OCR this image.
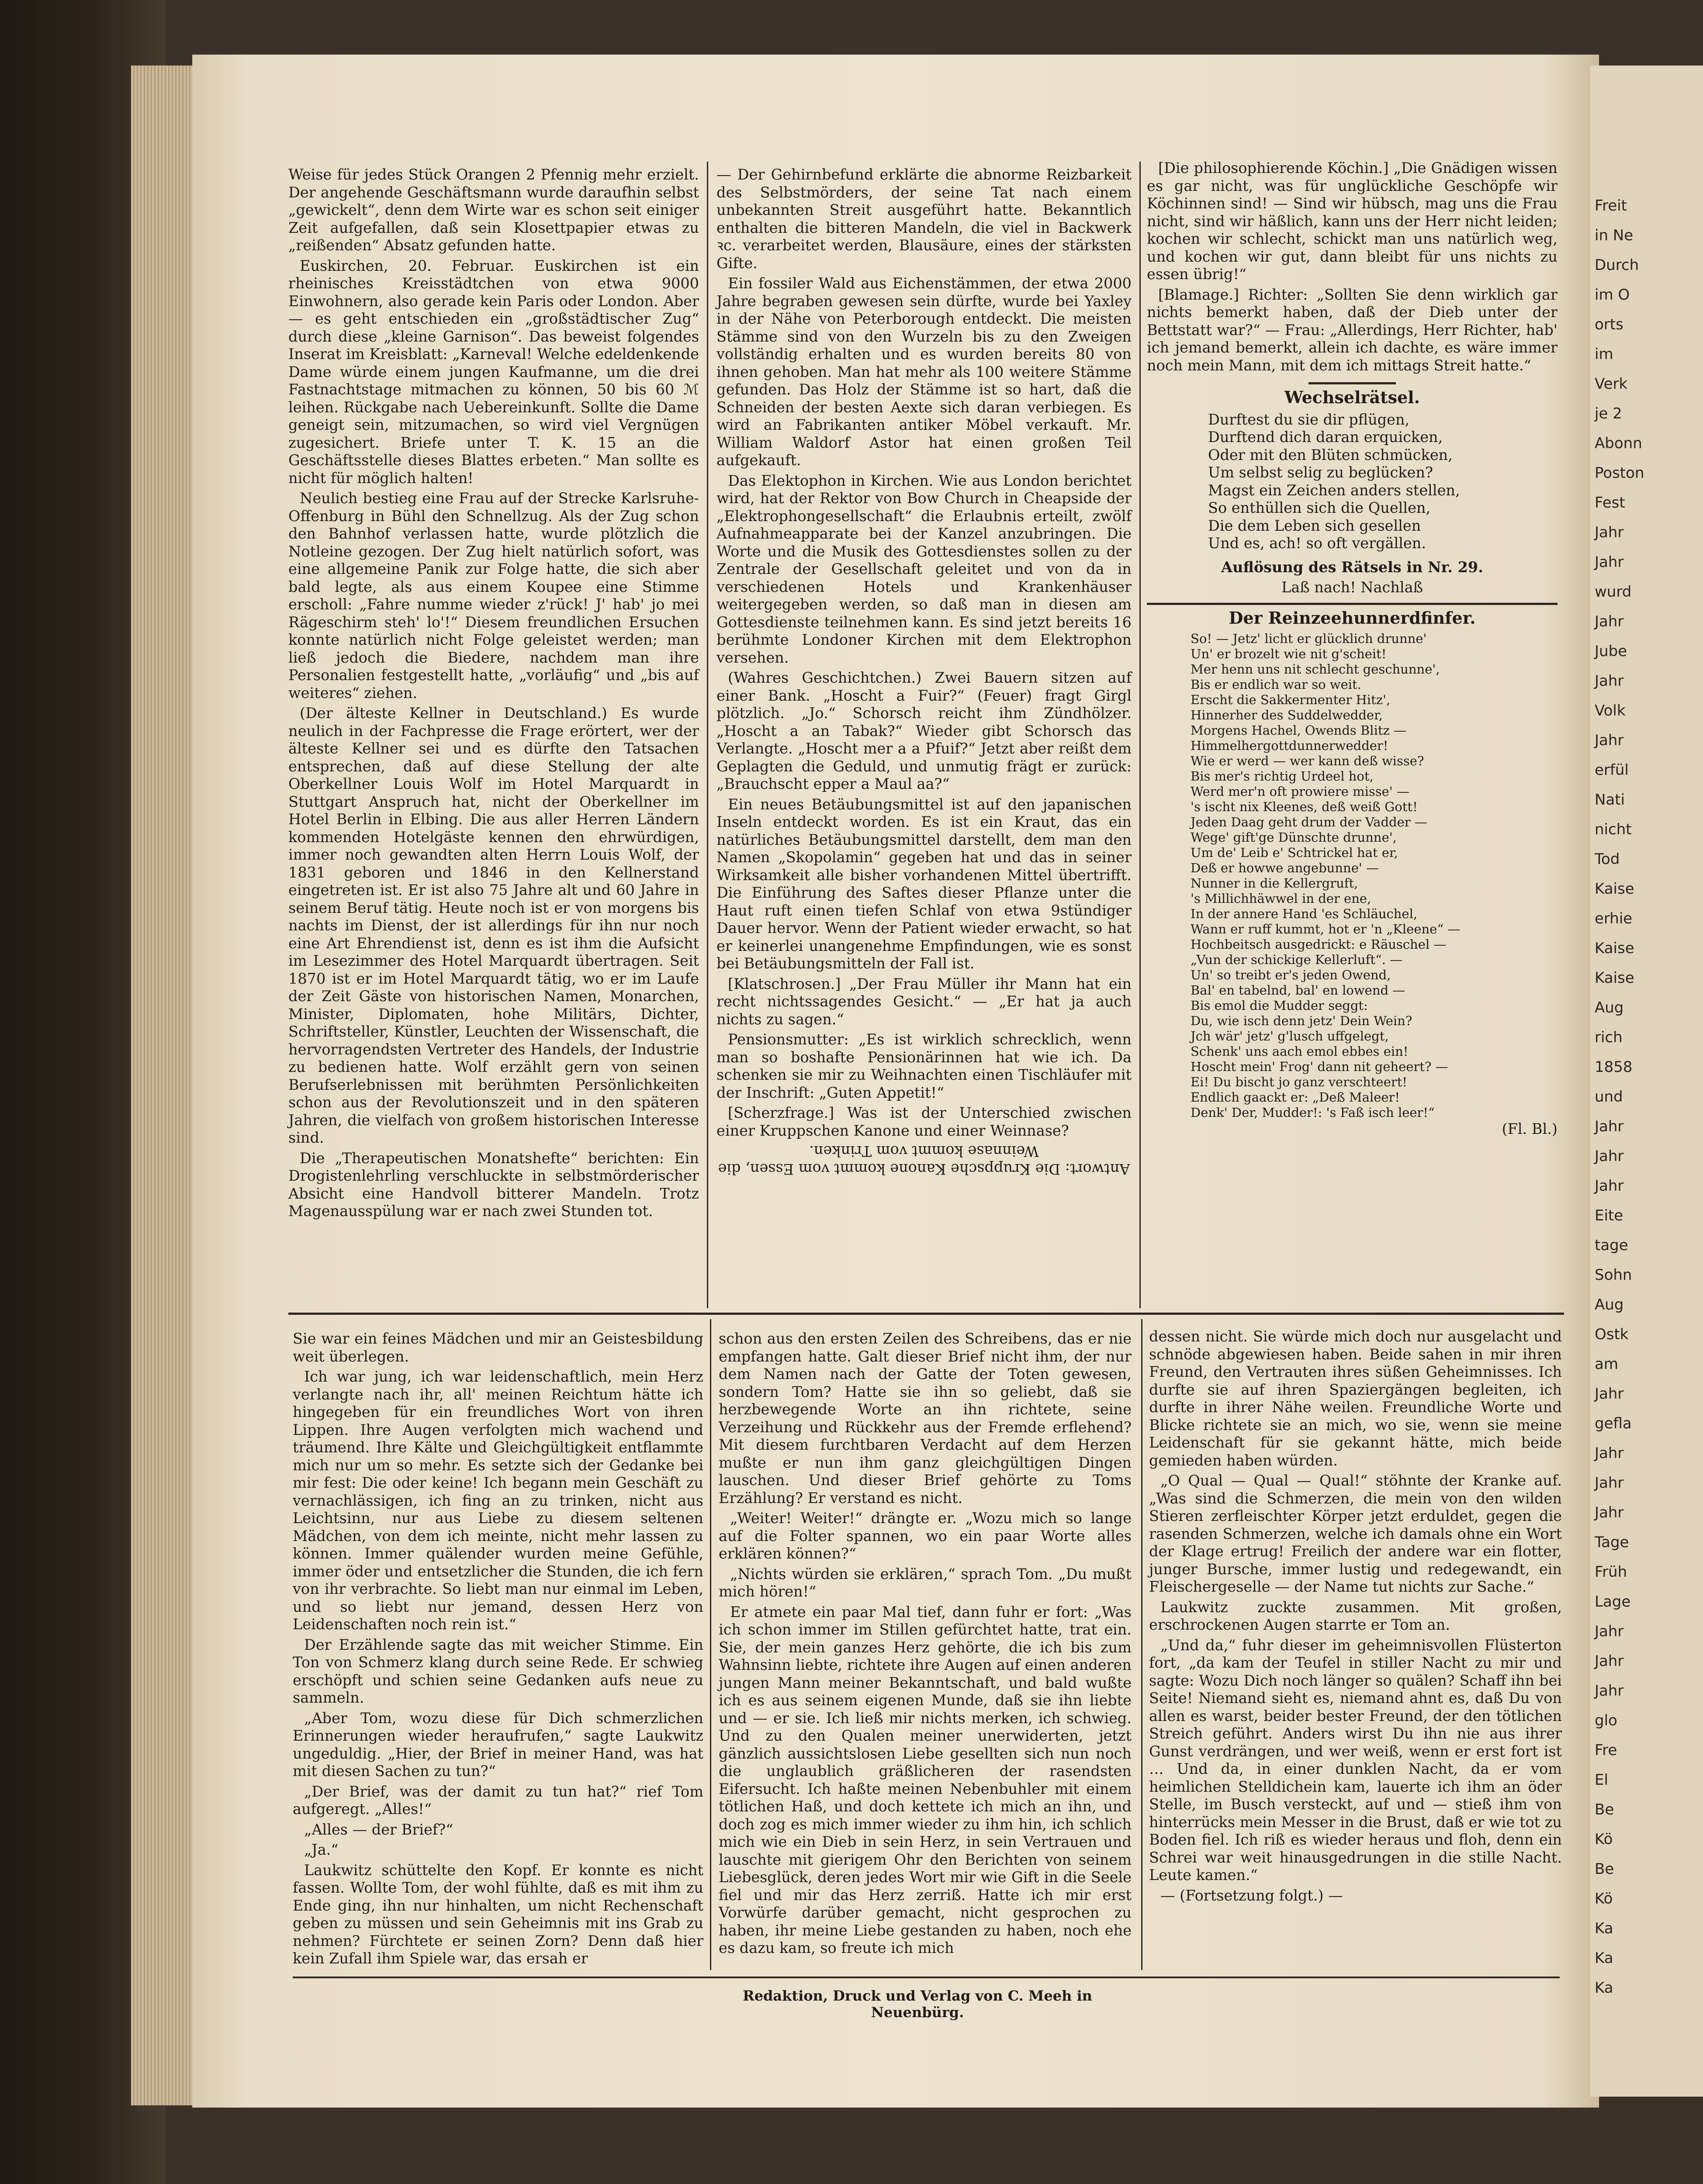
Freit
in Ne
Durch
im O
orts
im
Verk
je 2
Abonn
Poston
Fest
Jahr
Jahr
wurd
Jahr
Jube
Jahr
Volk
Jahr
erfül
Nati
nicht
Tod
Kaise
erhie
Kaise
Kaise
Aug
rich
1858
und
Jahr
Jahr
Jahr
Eite
tage
Sohn
Aug
Ostk
am
Jahr
gefla
Jahr
Jahr
Jahr
Tage
Früh
Lage
Jahr
Jahr
Jahr
glo
Fre
El
Be
Kö
Be
Kö
Ka
Ka
Ka

Weise für jedes Stück Orangen 2 Pfennig mehr erzielt. Der angehende Geschäftsmann wurde daraufhin selbst „gewickelt“, denn dem Wirte war es schon seit einiger Zeit aufgefallen, daß sein Klosettpapier etwas zu „reißenden“ Absatz gefunden hatte.

Euskirchen, 20. Februar. Euskirchen ist ein rheinisches Kreisstädtchen von etwa 9000 Einwohnern, also gerade kein Paris oder London. Aber — es geht entschieden ein „großstädtischer Zug“ durch diese „kleine Garnison“. Das beweist folgendes Inserat im Kreisblatt: „Karneval! Welche edeldenkende Dame würde einem jungen Kaufmanne, um die drei Fastnachtstage mitmachen zu können, 50 bis 60 ℳ leihen. Rückgabe nach Uebereinkunft. Sollte die Dame geneigt sein, mitzumachen, so wird viel Vergnügen zugesichert. Briefe unter T. K. 15 an die Geschäftsstelle dieses Blattes erbeten.“ Man sollte es nicht für möglich halten!

Neulich bestieg eine Frau auf der Strecke Karlsruhe-Offenburg in Bühl den Schnellzug. Als der Zug schon den Bahnhof verlassen hatte, wurde plötzlich die Notleine gezogen. Der Zug hielt natürlich sofort, was eine allgemeine Panik zur Folge hatte, die sich aber bald legte, als aus einem Koupee eine Stimme erscholl: „Fahre numme wieder z'rück! J' hab' jo mei Rägeschirm steh' lo'!“ Diesem freundlichen Ersuchen konnte natürlich nicht Folge geleistet werden; man ließ jedoch die Biedere, nachdem man ihre Personalien festgestellt hatte, „vorläufig“ und „bis auf weiteres“ ziehen.

(Der älteste Kellner in Deutschland.) Es wurde neulich in der Fachpresse die Frage erörtert, wer der älteste Kellner sei und es dürfte den Tatsachen entsprechen, daß auf diese Stellung der alte Oberkellner Louis Wolf im Hotel Marquardt in Stuttgart Anspruch hat, nicht der Oberkellner im Hotel Berlin in Elbing. Die aus aller Herren Ländern kommenden Hotelgäste kennen den ehrwürdigen, immer noch gewandten alten Herrn Louis Wolf, der 1831 geboren und 1846 in den Kellnerstand eingetreten ist. Er ist also 75 Jahre alt und 60 Jahre in seinem Beruf tätig. Heute noch ist er von morgens bis nachts im Dienst, der ist allerdings für ihn nur noch eine Art Ehrendienst ist, denn es ist ihm die Aufsicht im Lesezimmer des Hotel Marquardt übertragen. Seit 1870 ist er im Hotel Marquardt tätig, wo er im Laufe der Zeit Gäste von historischen Namen, Monarchen, Minister, Diplomaten, hohe Militärs, Dichter, Schriftsteller, Künstler, Leuchten der Wissenschaft, die hervorragendsten Vertreter des Handels, der Industrie zu bedienen hatte. Wolf erzählt gern von seinen Berufserlebnissen mit berühmten Persönlichkeiten schon aus der Revolutionszeit und in den späteren Jahren, die vielfach von großem historischen Interesse sind.

Die „Therapeutischen Monatshefte“ berichten: Ein Drogistenlehrling verschluckte in selbstmörderischer Absicht eine Handvoll bitterer Mandeln. Trotz Magenausspülung war er nach zwei Stunden tot.

— Der Gehirnbefund erklärte die abnorme Reizbarkeit des Selbstmörders, der seine Tat nach einem unbekannten Streit ausgeführt hatte. Bekanntlich enthalten die bitteren Mandeln, die viel in Backwerk ꝛc. verarbeitet werden, Blausäure, eines der stärksten Gifte.

Ein fossiler Wald aus Eichenstämmen, der etwa 2000 Jahre begraben gewesen sein dürfte, wurde bei Yaxley in der Nähe von Peterborough entdeckt. Die meisten Stämme sind von den Wurzeln bis zu den Zweigen vollständig erhalten und es wurden bereits 80 von ihnen gehoben. Man hat mehr als 100 weitere Stämme gefunden. Das Holz der Stämme ist so hart, daß die Schneiden der besten Aexte sich daran verbiegen. Es wird an Fabrikanten antiker Möbel verkauft. Mr. William Waldorf Astor hat einen großen Teil aufgekauft.

Das Elektophon in Kirchen. Wie aus London berichtet wird, hat der Rektor von Bow Church in Cheapside der „Elektrophongesellschaft“ die Erlaubnis erteilt, zwölf Aufnahmeapparate bei der Kanzel anzubringen. Die Worte und die Musik des Gottesdienstes sollen zu der Zentrale der Gesellschaft geleitet und von da in verschiedenen Hotels und Krankenhäuser weitergegeben werden, so daß man in diesen am Gottesdienste teilnehmen kann. Es sind jetzt bereits 16 berühmte Londoner Kirchen mit dem Elektrophon versehen.

(Wahres Geschichtchen.) Zwei Bauern sitzen auf einer Bank. „Hoscht a Fuir?“ (Feuer) fragt Girgl plötzlich. „Jo.“ Schorsch reicht ihm Zündhölzer. „Hoscht a an Tabak?“ Wieder gibt Schorsch das Verlangte. „Hoscht mer a a Pfuif?“ Jetzt aber reißt dem Geplagten die Geduld, und unmutig frägt er zurück: „Brauchscht epper a Maul aa?“

Ein neues Betäubungsmittel ist auf den japanischen Inseln entdeckt worden. Es ist ein Kraut, das ein natürliches Betäubungsmittel darstellt, dem man den Namen „Skopolamin“ gegeben hat und das in seiner Wirksamkeit alle bisher vorhandenen Mittel übertrifft. Die Einführung des Saftes dieser Pflanze unter die Haut ruft einen tiefen Schlaf von etwa 9stündiger Dauer hervor. Wenn der Patient wieder erwacht, so hat er keinerlei unangenehme Empfindungen, wie es sonst bei Betäubungsmitteln der Fall ist.

[Klatschrosen.] „Der Frau Müller ihr Mann hat ein recht nichtssagendes Gesicht.“ — „Er hat ja auch nichts zu sagen.“

Pensionsmutter: „Es ist wirklich schrecklich, wenn man so boshafte Pensionärinnen hat wie ich. Da schenken sie mir zu Weihnachten einen Tischläufer mit der Inschrift: „Guten Appetit!“

[Scherzfrage.] Was ist der Unterschied zwischen einer Kruppschen Kanone und einer Weinnase?

Antwort: Die Kruppsche Kanone kommt vom Essen, die Weinnase kommt vom Trinken.

[Die philosophierende Köchin.] „Die Gnädigen wissen es gar nicht, was für unglückliche Geschöpfe wir Köchinnen sind! — Sind wir hübsch, mag uns die Frau nicht, sind wir häßlich, kann uns der Herr nicht leiden; kochen wir schlecht, schickt man uns natürlich weg, und kochen wir gut, dann bleibt für uns nichts zu essen übrig!“

[Blamage.] Richter: „Sollten Sie denn wirklich gar nichts bemerkt haben, daß der Dieb unter der Bettstatt war?“ — Frau: „Allerdings, Herr Richter, hab' ich jemand bemerkt, allein ich dachte, es wäre immer noch mein Mann, mit dem ich mittags Streit hatte.“

Wechselrätsel.

Durftest du sie dir pflügen,

Durftend dich daran erquicken,

Oder mit den Blüten schmücken,

Um selbst selig zu beglücken?

Magst ein Zeichen anders stellen,

So enthüllen sich die Quellen,

Die dem Leben sich gesellen

Und es, ach! so oft vergällen.

Auflösung des Rätsels in Nr. 29.

Laß nach! Nachlaß

Der Reinzeehunnerdfinfer.

So! — Jetz' licht er glücklich drunne'

Un' er brozelt wie nit g'scheit!

Mer henn uns nit schlecht geschunne',

Bis er endlich war so weit.

Erscht die Sakkermenter Hitz',

Hinnerher des Suddelwedder,

Morgens Hachel, Owends Blitz —

Himmelhergottdunnerwedder!

Wie er werd — wer kann deß wisse?

Bis mer's richtig Urdeel hot,

Werd mer'n oft prowiere misse' —

's ischt nix Kleenes, deß weiß Gott!

Jeden Daag geht drum der Vadder —

Wege' gift'ge Dünschte drunne',

Um de' Leib e' Schtrickel hat er,

Deß er howwe angebunne' —

Nunner in die Kellergruft,

's Millichhäwwel in der ene,

In der annere Hand 'es Schläuchel,

Wann er ruff kummt, hot er 'n „Kleene“ —

Hochbeitsch ausgedrickt: e Räuschel —

„Vun der schickige Kellerluft“. —

Un' so treibt er's jeden Owend,

Bal' en tabelnd, bal' en lowend —

Bis emol die Mudder seggt:

Du, wie isch denn jetz' Dein Wein?

Jch wär' jetz' g'lusch uffgelegt,

Schenk' uns aach emol ebbes ein!

Hoscht mein' Frog' dann nit geheert? —

Ei! Du bischt jo ganz verschteert!

Endlich gaackt er: „Deß Maleer!

Denk' Der, Mudder!: 's Faß isch leer!“

(Fl. Bl.)

Sie war ein feines Mädchen und mir an Geistesbildung weit überlegen.

Ich war jung, ich war leidenschaftlich, mein Herz verlangte nach ihr, all' meinen Reichtum hätte ich hingegeben für ein freundliches Wort von ihren Lippen. Ihre Augen verfolgten mich wachend und träumend. Ihre Kälte und Gleichgültigkeit entflammte mich nur um so mehr. Es setzte sich der Gedanke bei mir fest: Die oder keine! Ich begann mein Geschäft zu vernachlässigen, ich fing an zu trinken, nicht aus Leichtsinn, nur aus Liebe zu diesem seltenen Mädchen, von dem ich meinte, nicht mehr lassen zu können. Immer quälender wurden meine Gefühle, immer öder und entsetzlicher die Stunden, die ich fern von ihr verbrachte. So liebt man nur einmal im Leben, und so liebt nur jemand, dessen Herz von Leidenschaften noch rein ist.“

Der Erzählende sagte das mit weicher Stimme. Ein Ton von Schmerz klang durch seine Rede. Er schwieg erschöpft und schien seine Gedanken aufs neue zu sammeln.

„Aber Tom, wozu diese für Dich schmerzlichen Erinnerungen wieder heraufrufen,“ sagte Laukwitz ungeduldig. „Hier, der Brief in meiner Hand, was hat mit diesen Sachen zu tun?“

„Der Brief, was der damit zu tun hat?“ rief Tom aufgeregt. „Alles!“

„Alles — der Brief?“

„Ja.“

Laukwitz schüttelte den Kopf. Er konnte es nicht fassen. Wollte Tom, der wohl fühlte, daß es mit ihm zu Ende ging, ihn nur hinhalten, um nicht Rechenschaft geben zu müssen und sein Geheimnis mit ins Grab zu nehmen? Fürchtete er seinen Zorn? Denn daß hier kein Zufall ihm Spiele war, das ersah er

schon aus den ersten Zeilen des Schreibens, das er nie empfangen hatte. Galt dieser Brief nicht ihm, der nur dem Namen nach der Gatte der Toten gewesen, sondern Tom? Hatte sie ihn so geliebt, daß sie herzbewegende Worte an ihn richtete, seine Verzeihung und Rückkehr aus der Fremde erflehend? Mit diesem furchtbaren Verdacht auf dem Herzen mußte er nun ihm ganz gleichgültigen Dingen lauschen. Und dieser Brief gehörte zu Toms Erzählung? Er verstand es nicht.

„Weiter! Weiter!“ drängte er. „Wozu mich so lange auf die Folter spannen, wo ein paar Worte alles erklären können?“

„Nichts würden sie erklären,“ sprach Tom. „Du mußt mich hören!“

Er atmete ein paar Mal tief, dann fuhr er fort: „Was ich schon immer im Stillen gefürchtet hatte, trat ein. Sie, der mein ganzes Herz gehörte, die ich bis zum Wahnsinn liebte, richtete ihre Augen auf einen anderen jungen Mann meiner Bekanntschaft, und bald wußte ich es aus seinem eigenen Munde, daß sie ihn liebte und — er sie. Ich ließ mir nichts merken, ich schwieg. Und zu den Qualen meiner unerwiderten, jetzt gänzlich aussichtslosen Liebe gesellten sich nun noch die unglaublich gräßlicheren der rasendsten Eifersucht. Ich haßte meinen Nebenbuhler mit einem tötlichen Haß, und doch kettete ich mich an ihn, und doch zog es mich immer wieder zu ihm hin, ich schlich mich wie ein Dieb in sein Herz, in sein Vertrauen und lauschte mit gierigem Ohr den Berichten von seinem Liebesglück, deren jedes Wort mir wie Gift in die Seele fiel und mir das Herz zerriß. Hatte ich mir erst Vorwürfe darüber gemacht, nicht gesprochen zu haben, ihr meine Liebe gestanden zu haben, noch ehe es dazu kam, so freute ich mich

dessen nicht. Sie würde mich doch nur ausgelacht und schnöde abgewiesen haben. Beide sahen in mir ihren Freund, den Vertrauten ihres süßen Geheimnisses. Ich durfte sie auf ihren Spaziergängen begleiten, ich durfte in ihrer Nähe weilen. Freundliche Worte und Blicke richtete sie an mich, wo sie, wenn sie meine Leidenschaft für sie gekannt hätte, mich beide gemieden haben würden.

„O Qual — Qual — Qual!“ stöhnte der Kranke auf. „Was sind die Schmerzen, die mein von den wilden Stieren zerfleischter Körper jetzt erduldet, gegen die rasenden Schmerzen, welche ich damals ohne ein Wort der Klage ertrug! Freilich der andere war ein flotter, junger Bursche, immer lustig und redegewandt, ein Fleischergeselle — der Name tut nichts zur Sache.“

Laukwitz zuckte zusammen. Mit großen, erschrockenen Augen starrte er Tom an.

„Und da,“ fuhr dieser im geheimnisvollen Flüsterton fort, „da kam der Teufel in stiller Nacht zu mir und sagte: Wozu Dich noch länger so quälen? Schaff ihn bei Seite! Niemand sieht es, niemand ahnt es, daß Du von allen es warst, beider bester Freund, der den tötlichen Streich geführt. Anders wirst Du ihn nie aus ihrer Gunst verdrängen, und wer weiß, wenn er erst fort ist … Und da, in einer dunklen Nacht, da er vom heimlichen Stelldichein kam, lauerte ich ihm an öder Stelle, im Busch versteckt, auf und — stieß ihm von hinterrücks mein Messer in die Brust, daß er wie tot zu Boden fiel. Ich riß es wieder heraus und floh, denn ein Schrei war weit hinausgedrungen in die stille Nacht. Leute kamen.“

— (Fortsetzung folgt.) —

Redaktion, Druck und Verlag von C. Meeh in Neuenbürg.
